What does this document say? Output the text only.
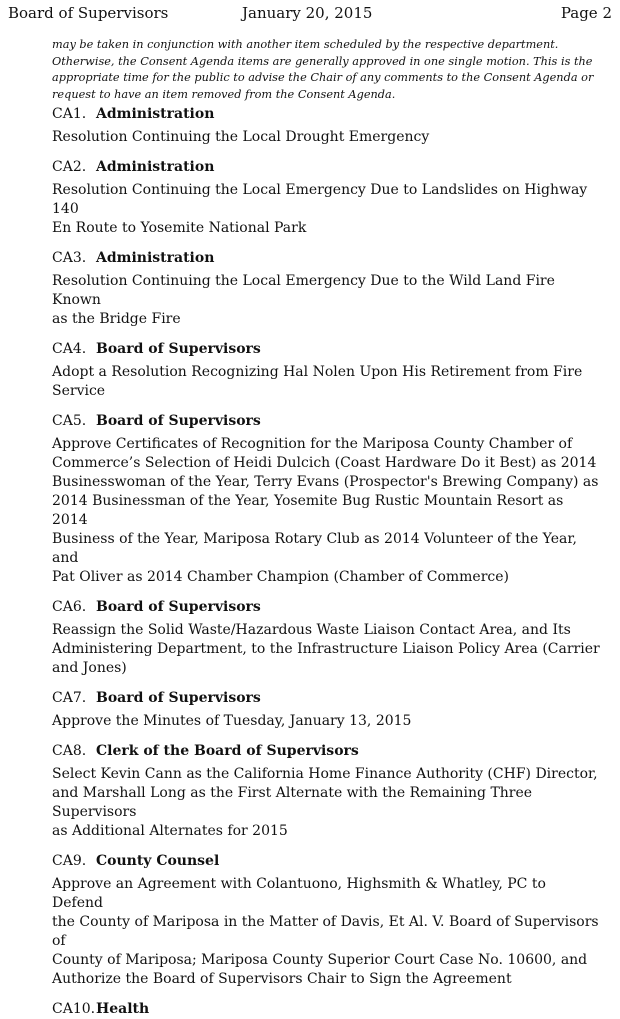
Board of Supervisors	January 20, 2015	Page 2
may be taken in conjunction with another item scheduled by the respective department.
Otherwise, the Consent Agenda items are generally approved in one single motion. This is the
appropriate time for the public to advise the Chair of any comments to the Consent Agenda or
request to have an item removed from the Consent Agenda.
CA1. Administration
Resolution Continuing the Local Drought Emergency
CA2. Administration
Resolution Continuing the Local Emergency Due to Landslides on Highway 140
En Route to Yosemite National Park
CA3. Administration
Resolution Continuing the Local Emergency Due to the Wild Land Fire Known
as the Bridge Fire
CA4. Board of Supervisors
Adopt a Resolution Recognizing Hal Nolen Upon His Retirement from Fire
Service
CA5. Board of Supervisors
Approve Certificates of Recognition for the Mariposa County Chamber of
Commerce’s Selection of Heidi Dulcich (Coast Hardware Do it Best) as 2014
Businesswoman of the Year, Terry Evans (Prospector's Brewing Company) as
2014 Businessman of the Year, Yosemite Bug Rustic Mountain Resort as 2014
Business of the Year, Mariposa Rotary Club as 2014 Volunteer of the Year, and
Pat Oliver as 2014 Chamber Champion (Chamber of Commerce)
CA6. Board of Supervisors
Reassign the Solid Waste/Hazardous Waste Liaison Contact Area, and Its
Administering Department, to the Infrastructure Liaison Policy Area (Carrier
and Jones)
CA7. Board of Supervisors
Approve the Minutes of Tuesday, January 13, 2015
CA8. Clerk of the Board of Supervisors
Select Kevin Cann as the California Home Finance Authority (CHF) Director,
and Marshall Long as the First Alternate with the Remaining Three Supervisors
as Additional Alternates for 2015
CA9. County Counsel
Approve an Agreement with Colantuono, Highsmith & Whatley, PC to Defend
the County of Mariposa in the Matter of Davis, Et Al. V. Board of Supervisors of
County of Mariposa; Mariposa County Superior Court Case No. 10600, and
Authorize the Board of Supervisors Chair to Sign the Agreement
CA10.Health
